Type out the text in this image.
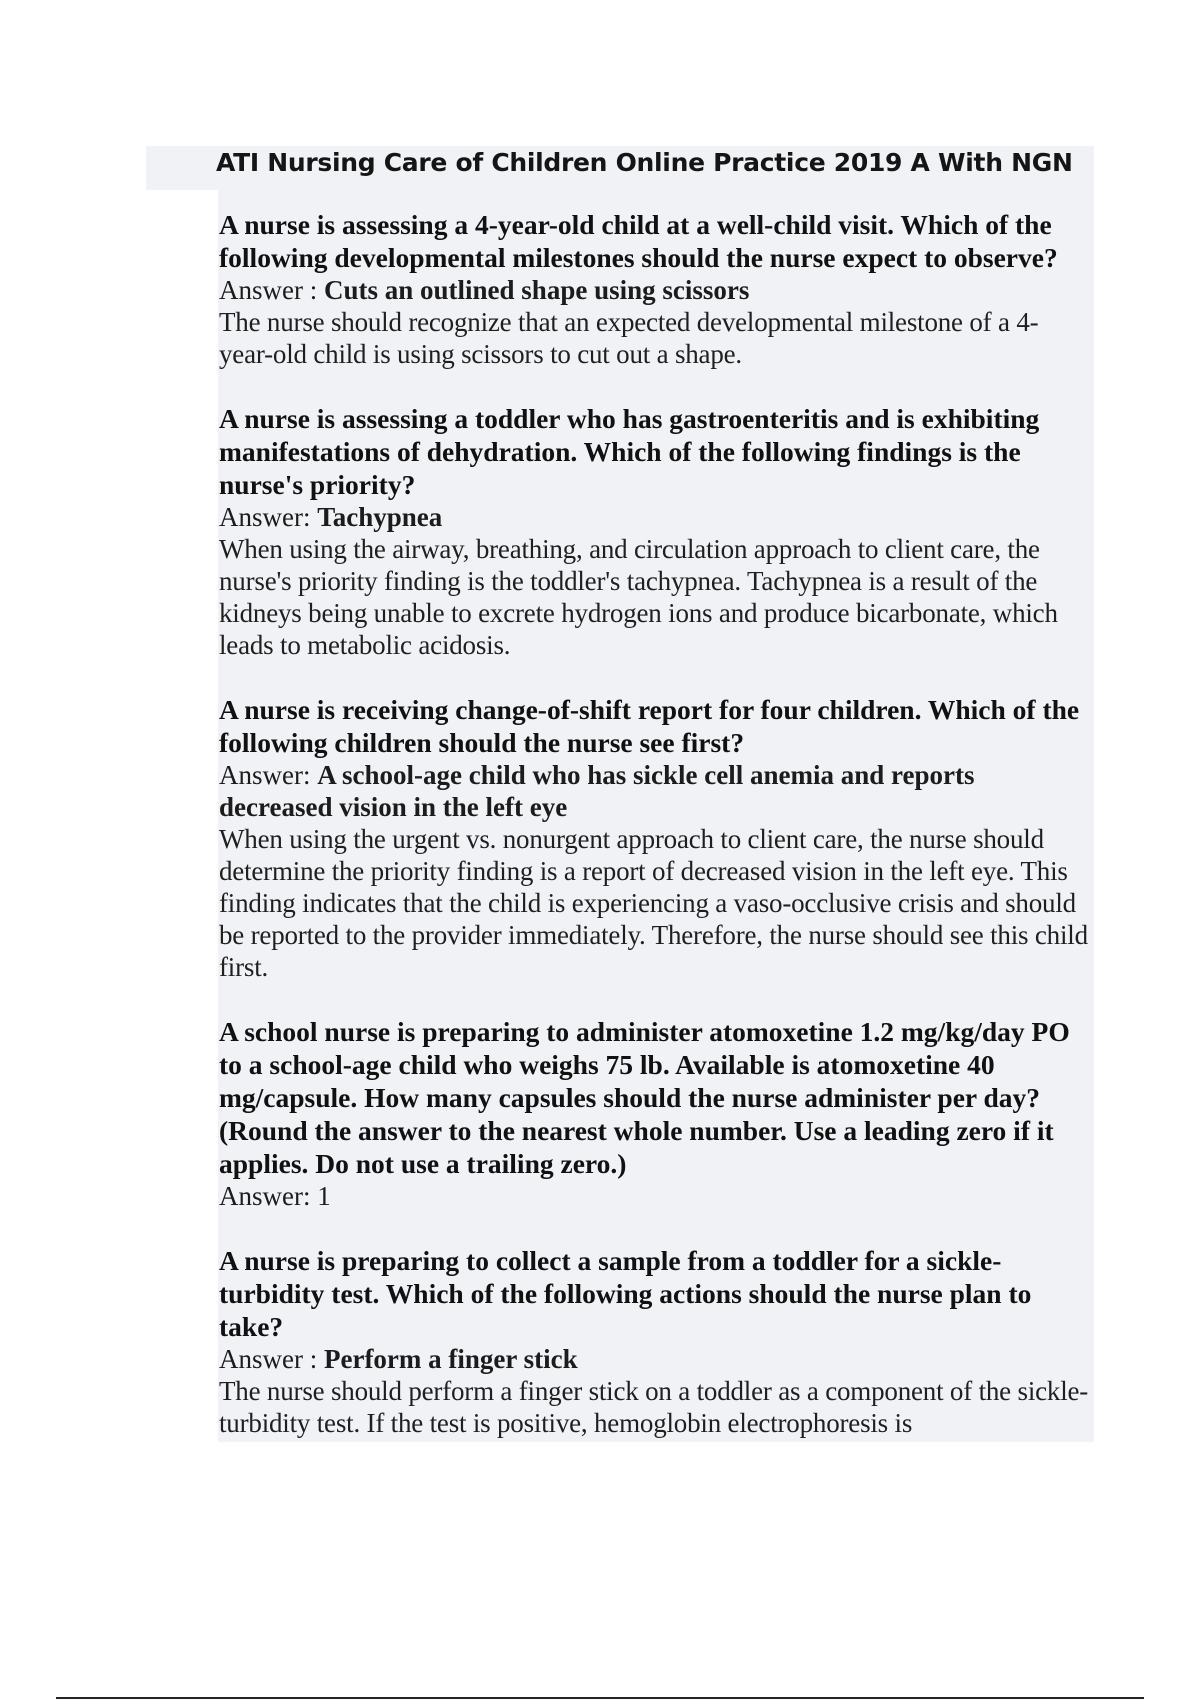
ATI Nursing Care of Children Online Practice 2019 A With NGN

A nurse is assessing a 4-year-old child at a well-child visit. Which of the following developmental milestones should the nurse expect to observe?

Answer : Cuts an outlined shape using scissors

The nurse should recognize that an expected developmental milestone of a 4-year-old child is using scissors to cut out a shape.

A nurse is assessing a toddler who has gastroenteritis and is exhibiting manifestations of dehydration. Which of the following findings is the nurse's priority?

Answer: Tachypnea

When using the airway, breathing, and circulation approach to client care, the nurse's priority finding is the toddler's tachypnea. Tachypnea is a result of the kidneys being unable to excrete hydrogen ions and produce bicarbonate, which leads to metabolic acidosis.

A nurse is receiving change-of-shift report for four children. Which of the following children should the nurse see first?

Answer: A school-age child who has sickle cell anemia and reports decreased vision in the left eye

When using the urgent vs. nonurgent approach to client care, the nurse should determine the priority finding is a report of decreased vision in the left eye. This finding indicates that the child is experiencing a vaso-occlusive crisis and should be reported to the provider immediately. Therefore, the nurse should see this child first.

A school nurse is preparing to administer atomoxetine 1.2 mg/kg/day PO to a school-age child who weighs 75 lb. Available is atomoxetine 40 mg/capsule. How many capsules should the nurse administer per day? (Round the answer to the nearest whole number. Use a leading zero if it applies. Do not use a trailing zero.)

Answer: 1

A nurse is preparing to collect a sample from a toddler for a sickle-turbidity test. Which of the following actions should the nurse plan to take?

Answer : Perform a finger stick

The nurse should perform a finger stick on a toddler as a component of the sickle-turbidity test. If the test is positive, hemoglobin electrophoresis is
